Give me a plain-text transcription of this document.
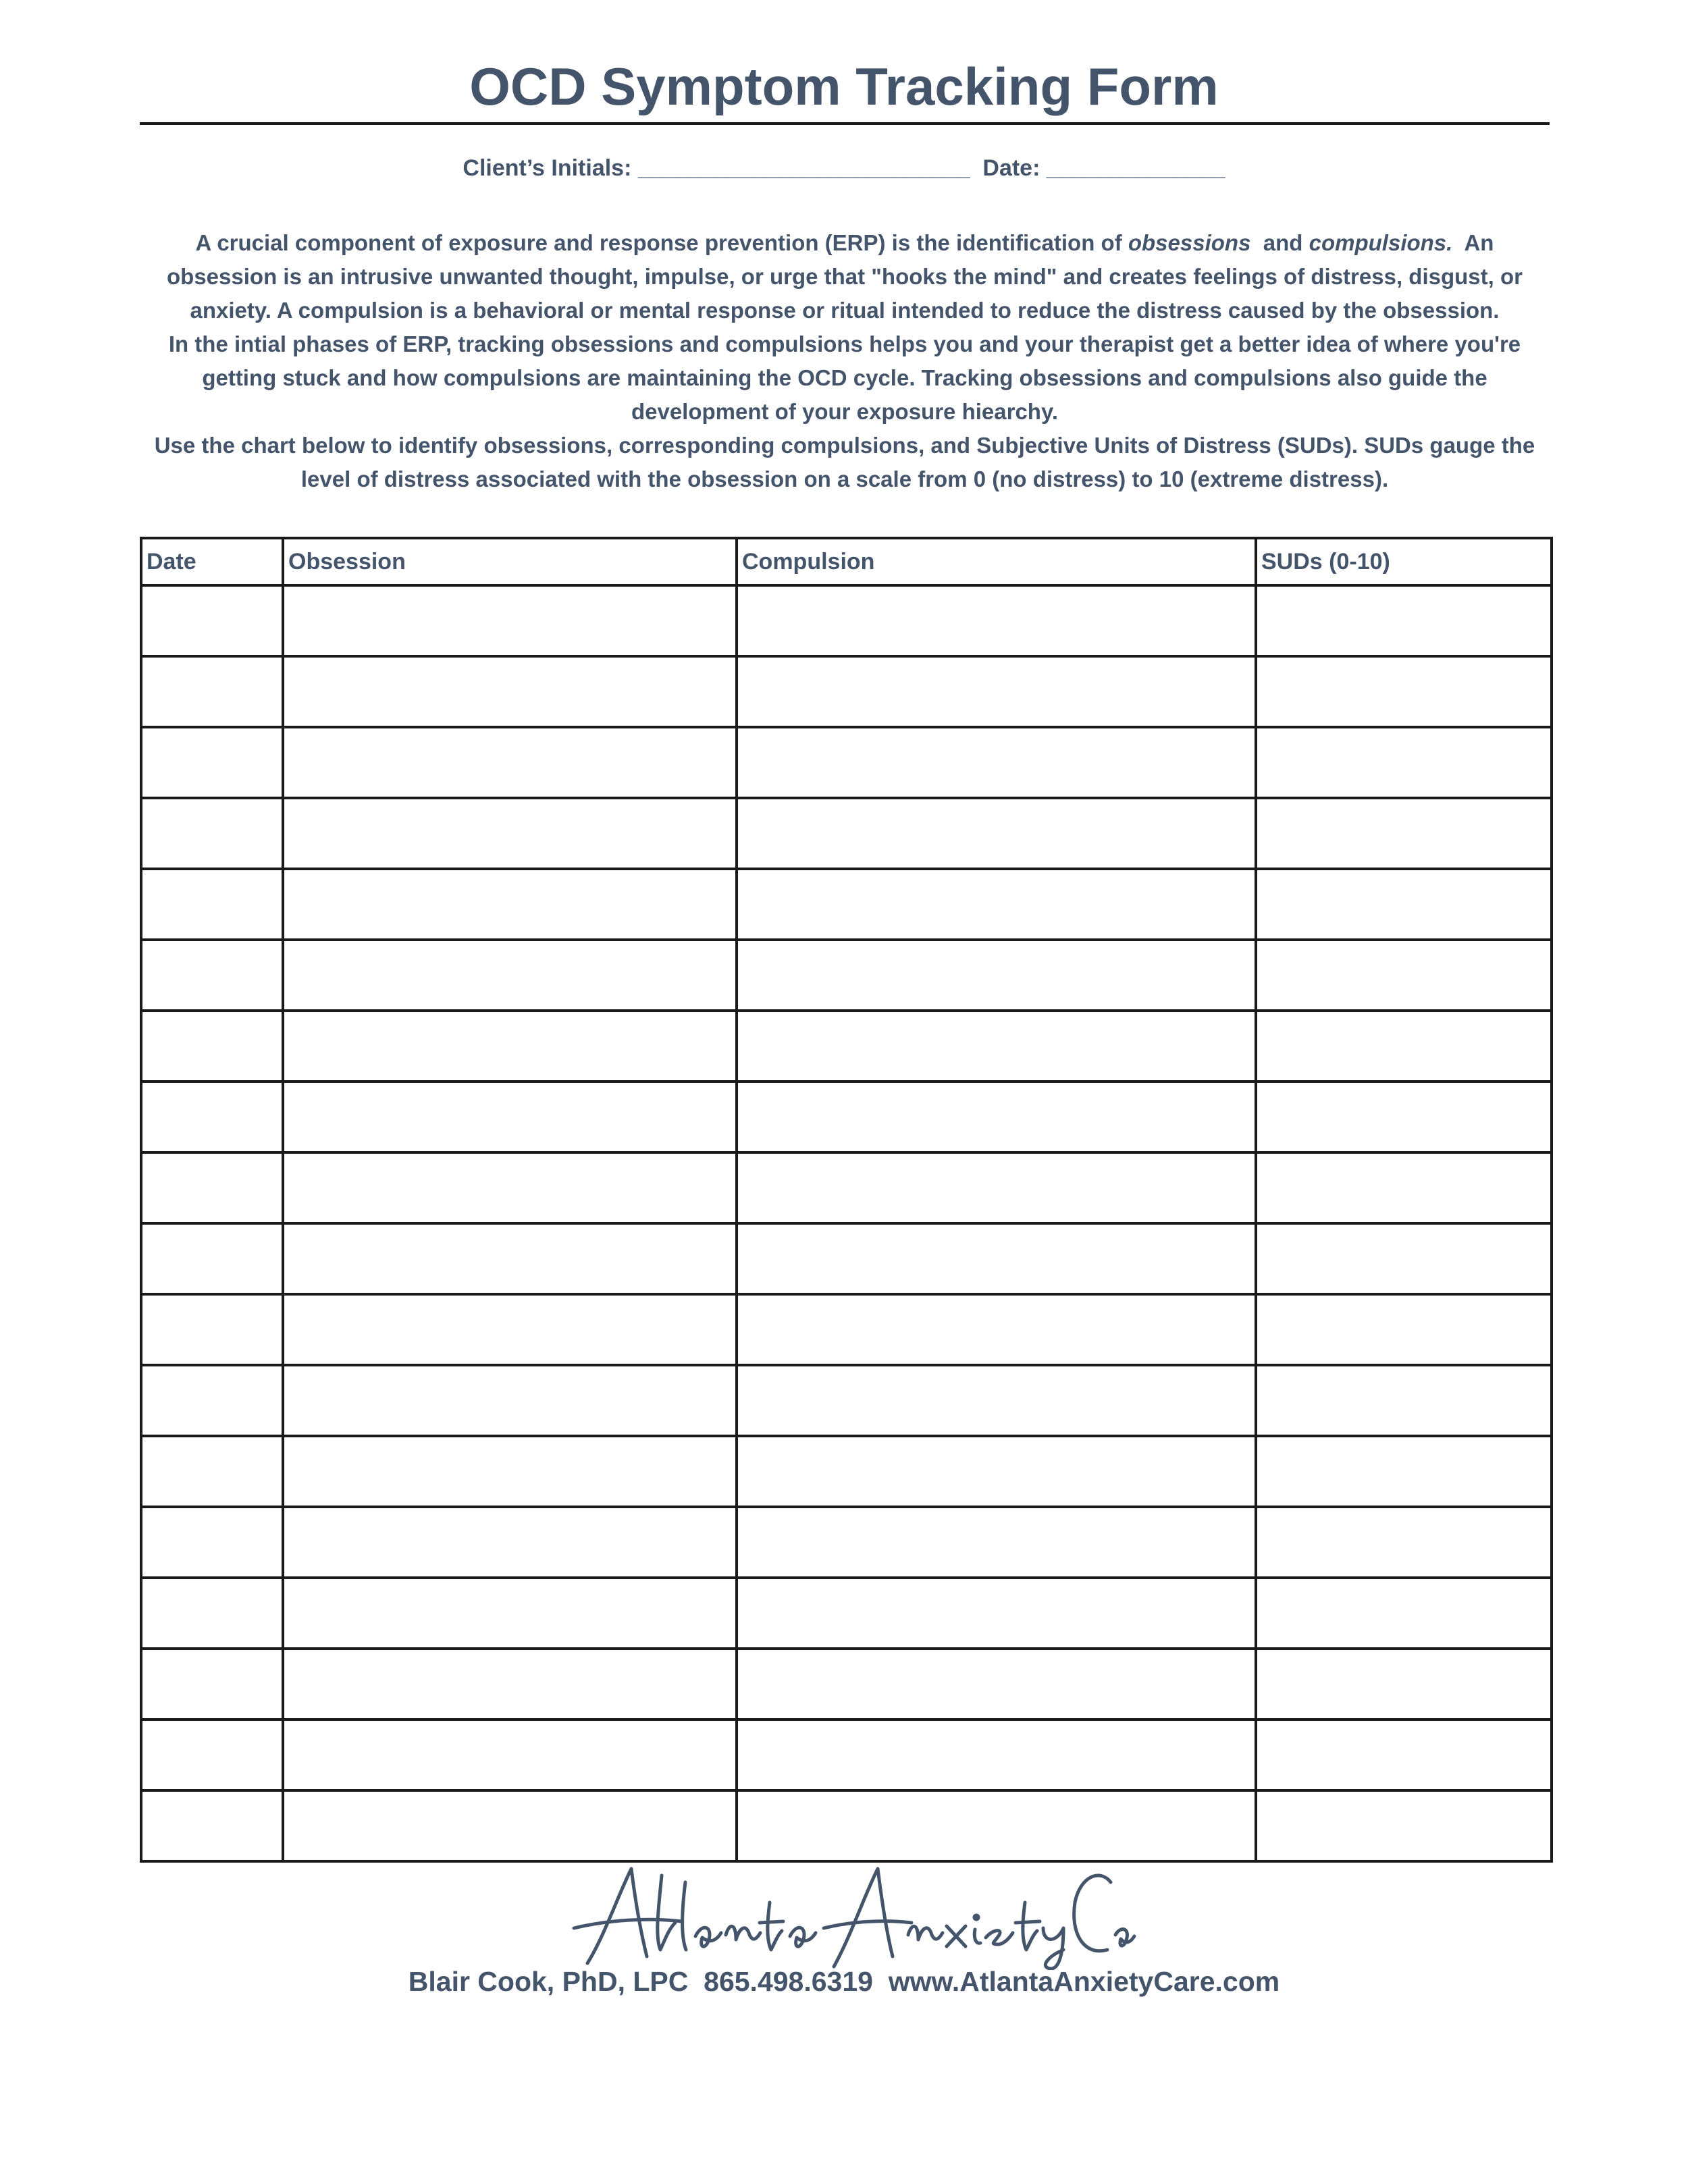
OCD Symptom Tracking Form
Client’s Initials: __________________________  Date: ______________

A crucial component of exposure and response prevention (ERP) is the identification of obsessions  and compulsions.  An obsession is an intrusive unwanted thought, impulse, or urge that "hooks the mind" and creates feelings of distress, disgust, or anxiety. A compulsion is a behavioral or mental response or ritual intended to reduce the distress caused by the obsession.

In the intial phases of ERP, tracking obsessions and compulsions helps you and your therapist get a better idea of where you're getting stuck and how compulsions are maintaining the OCD cycle. Tracking obsessions and compulsions also guide the development of your exposure hiearchy.

Use the chart below to identify obsessions, corresponding compulsions, and Subjective Units of Distress (SUDs). SUDs gauge the level of distress associated with the obsession on a scale from 0 (no distress) to 10 (extreme distress).

Date	Obsession	Compulsion	SUDs (0-10)

Atlanta Anxiety Care
Blair Cook, PhD, LPC  865.498.6319  www.AtlantaAnxietyCare.com
